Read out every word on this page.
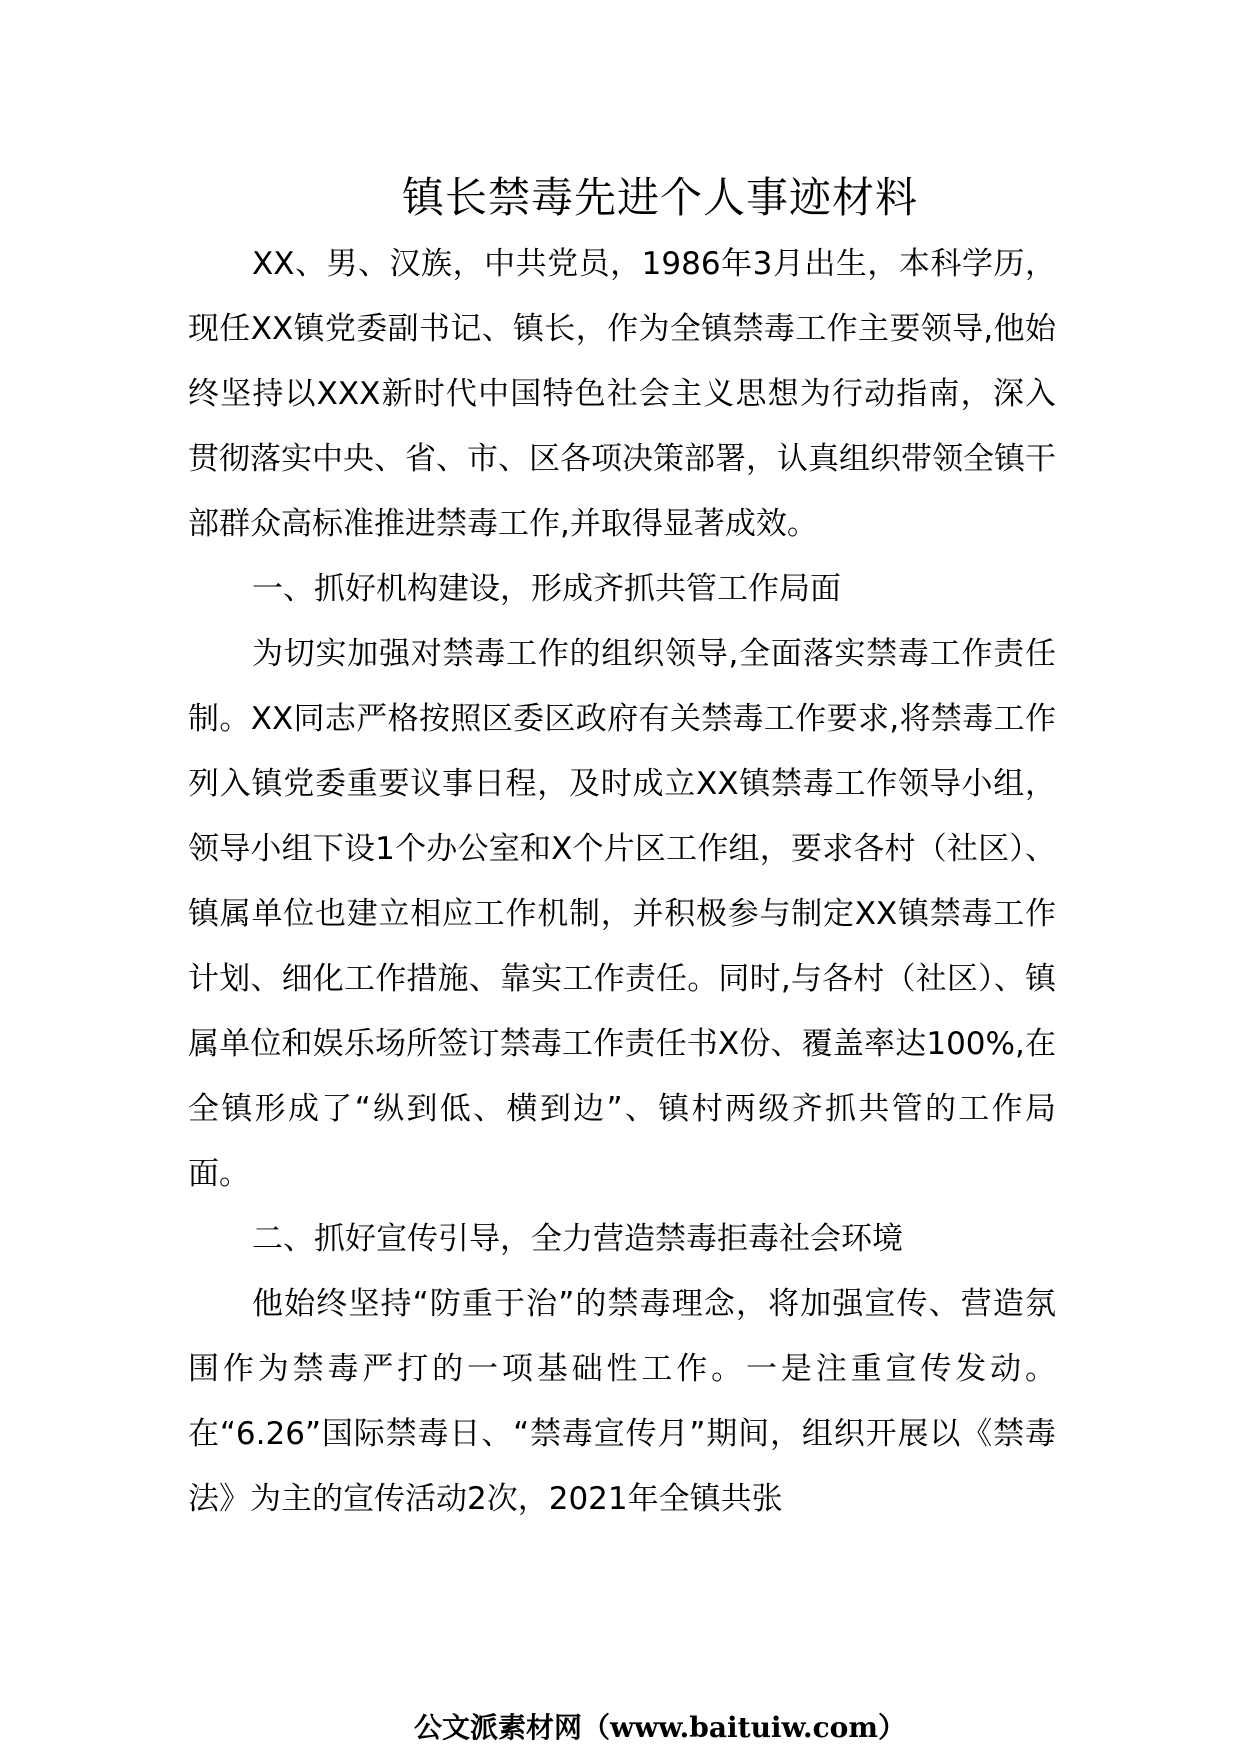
镇长禁毒先进个人事迹材料

XX、男、汉族，中共党员，1986年3月出生，本科学历，现任XX镇党委副书记、镇长，作为全镇禁毒工作主要领导,他始终坚持以XXX新时代中国特色社会主义思想为行动指南，深入贯彻落实中央、省、市、区各项决策部署，认真组织带领全镇干部群众高标准推进禁毒工作,并取得显著成效。

一、抓好机构建设，形成齐抓共管工作局面

为切实加强对禁毒工作的组织领导,全面落实禁毒工作责任制。XX同志严格按照区委区政府有关禁毒工作要求,将禁毒工作列入镇党委重要议事日程，及时成立XX镇禁毒工作领导小组，领导小组下设1个办公室和X个片区工作组，要求各村（社区）、镇属单位也建立相应工作机制，并积极参与制定XX镇禁毒工作计划、细化工作措施、靠实工作责任。同时,与各村（社区）、镇属单位和娱乐场所签订禁毒工作责任书X份、覆盖率达100%,在全镇形成了“纵到低、横到边”、镇村两级齐抓共管的工作局面。

二、抓好宣传引导，全力营造禁毒拒毒社会环境

他始终坚持“防重于治”的禁毒理念，将加强宣传、营造氛围作为禁毒严打的一项基础性工作。一是注重宣传发动。在“6.26”国际禁毒日、“禁毒宣传月”期间，组织开展以《禁毒法》为主的宣传活动2次，2021年全镇共张

公文派素材网（www.baituiw.com）
